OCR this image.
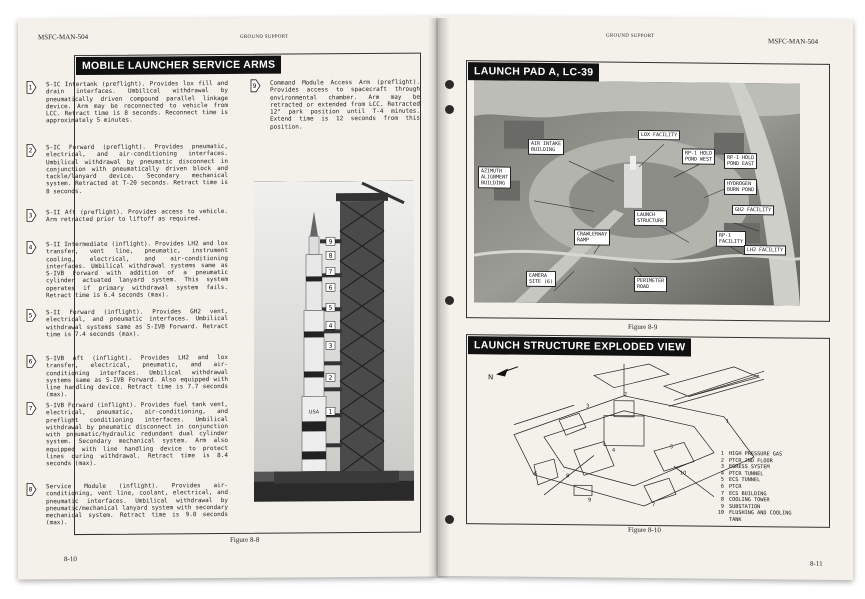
MSFC-MAN-504	GROUND SUPPORT
MOBILE LAUNCHER SERVICE ARMS
1 S-IC Intertank (preflight). Provides lox fill and drain interfaces. Umbilical withdrawal by pneumatically driven compound parallel linkage device. Arm may be reconnected to vehicle from LCC. Retract time is 8 seconds. Reconnect time is approximately 5 minutes.
2 S-IC Forward (preflight). Provides pneumatic, electrical, and air-conditioning interfaces. Umbilical withdrawal by pneumatic disconnect in conjunction with pneumatically driven block and tackle/lanyard device. Secondary mechanical system. Retracted at T-20 seconds. Retract time is 8 seconds.
3 S-II Aft (preflight). Provides access to vehicle. Arm retracted prior to liftoff as required.
4 S-II Intermediate (inflight). Provides LH2 and lox transfer, vent line, pneumatic, instrument cooling, electrical, and air-conditioning interfaces. Umbilical withdrawal systems same as S-IVB Forward with addition of a pneumatic cylinder actuated lanyard system. This system operates if primary withdrawal system fails. Retract time is 6.4 seconds (max).
5 S-II Forward (inflight). Provides GH2 vent, electrical, and pneumatic interfaces. Umbilical withdrawal systems same as S-IVB Forward. Retract time is 7.4 seconds (max).
6 S-IVB Aft (inflight). Provides LH2 and lox transfer, electrical, pneumatic, and air-conditioning interfaces. Umbilical withdrawal systems same as S-IVB Forward. Also equipped with line handling device. Retract time is 7.7 seconds (max).
7 S-IVB Forward (inflight). Provides fuel tank vent, electrical, pneumatic, air-conditioning, and preflight conditioning interfaces. Umbilical withdrawal by pneumatic disconnect in conjunction with pneumatic/hydraulic redundant dual cylinder system. Secondary mechanical system. Arm also equipped with line handling device to protect lines during withdrawal. Retract time is 8.4 seconds (max).
8 Service Module (inflight). Provides air-conditioning, vent line, coolant, electrical, and pneumatic interfaces. Umbilical withdrawal by pneumatic/mechanical lanyard system with secondary mechanical system. Retract time is 9.0 seconds (max).
9 Command Module Access Arm (preflight). Provides access to spacecraft through environmental chamber. Arm may be retracted or extended from LCC. Retracted 12° park position until T-4 minutes. Extend time is 12 seconds from this position.
USA
9
8
7
6
5
4
3
2
1
Figure 8-8
8-10
GROUND SUPPORT
MSFC-MAN-504
LAUNCH PAD A, LC-39
AIR INTAKE
BUILDING
LOX FACILITY
RP-1 HOLD
POND WEST	RP-1 HOLD
POND EAST
AZIMUTH
ALIGNMENT
BUILDING	HYDROGEN
BURN POND
GH2 FACILITY
LAUNCH
STRUCTURE
CRAWLERWAY
RAMP
RP-1
FACILITY
LH2 FACILITY
CAMERA
SITE (6)	PERIMETER
ROAD
Figure 8-9
LAUNCH STRUCTURE EXPLODED VIEW
N
1
2
3
4
5
6
7
8
9
10
1 HIGH PRESSURE GAS
2 PTCR 2ND FLOOR
3 EGRESS SYSTEM
4 PTCR TUNNEL
5 ECS TUNNEL
6 PTCR
7 ECS BUILDING
8 COOLING TOWER
9 SUBSTATION
10 FLUSHING AND COOLING
TANK
Figure 8-10
8-11
